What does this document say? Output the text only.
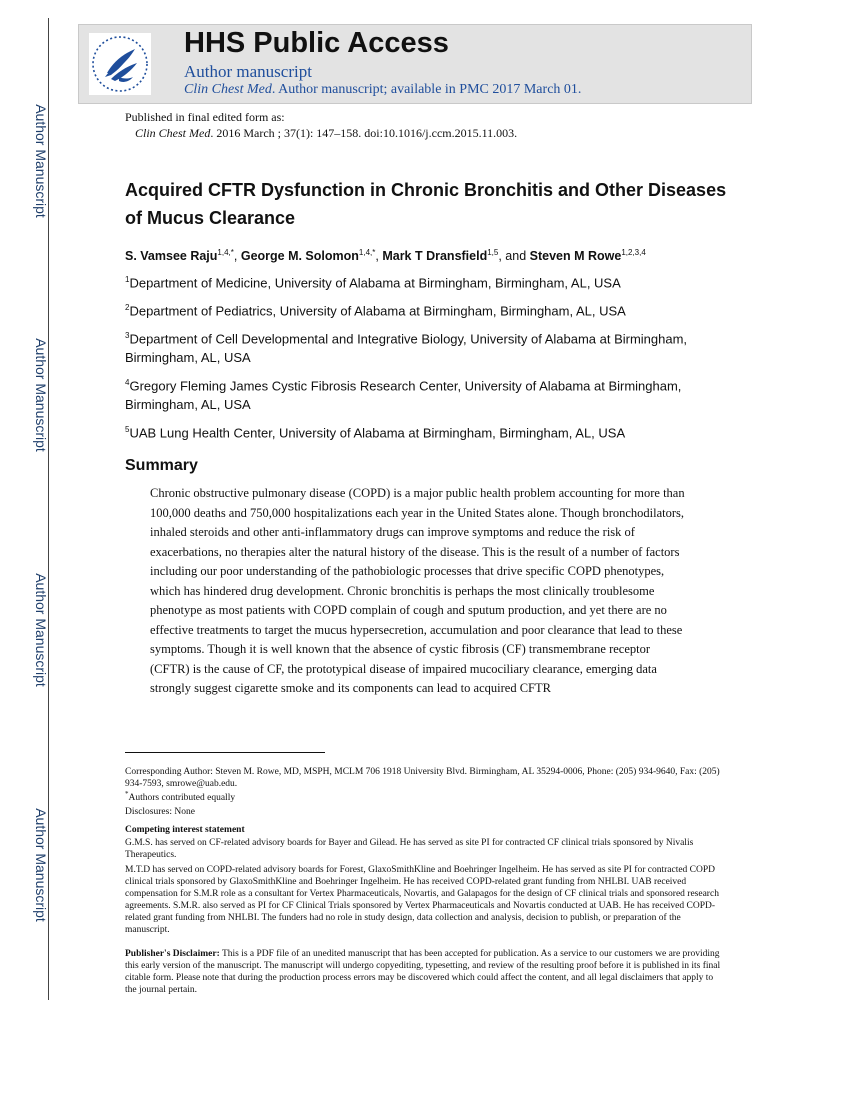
Author Manuscript
Author Manuscript
Author Manuscript
Author Manuscript
HHS Public Access
Author manuscript
Clin Chest Med. Author manuscript; available in PMC 2017 March 01.
Published in final edited form as:
Clin Chest Med. 2016 March ; 37(1): 147–158. doi:10.1016/j.ccm.2015.11.003.
Acquired CFTR Dysfunction in Chronic Bronchitis and Other Diseases of Mucus Clearance
S. Vamsee Raju$^{1,4,*}$, George M. Solomon$^{1,4,*}$, Mark T Dransfield$^{1,5}$, and Steven M Rowe$^{1,2,3,4}$
$^1$Department of Medicine, University of Alabama at Birmingham, Birmingham, AL, USA
$^2$Department of Pediatrics, University of Alabama at Birmingham, Birmingham, AL, USA
$^3$Department of Cell Developmental and Integrative Biology, University of Alabama at Birmingham, Birmingham, AL, USA
$^4$Gregory Fleming James Cystic Fibrosis Research Center, University of Alabama at Birmingham, Birmingham, AL, USA
$^5$UAB Lung Health Center, University of Alabama at Birmingham, Birmingham, AL, USA
Summary
Chronic obstructive pulmonary disease (COPD) is a major public health problem accounting for more than 100,000 deaths and 750,000 hospitalizations each year in the United States alone. Though bronchodilators, inhaled steroids and other anti-inflammatory drugs can improve symptoms and reduce the risk of exacerbations, no therapies alter the natural history of the disease. This is the result of a number of factors including our poor understanding of the pathobiologic processes that drive specific COPD phenotypes, which has hindered drug development. Chronic bronchitis is perhaps the most clinically troublesome phenotype as most patients with COPD complain of cough and sputum production, and yet there are no effective treatments to target the mucus hypersecretion, accumulation and poor clearance that lead to these symptoms. Though it is well known that the absence of cystic fibrosis (CF) transmembrane receptor (CFTR) is the cause of CF, the prototypical disease of impaired mucociliary clearance, emerging data strongly suggest cigarette smoke and its components can lead to acquired CFTR
Corresponding Author: Steven M. Rowe, MD, MSPH, MCLM 706 1918 University Blvd. Birmingham, AL 35294-0006, Phone: (205) 934-9640, Fax: (205) 934-7593, smrowe@uab.edu.
*Authors contributed equally
Disclosures: None
Competing interest statement
G.M.S. has served on CF-related advisory boards for Bayer and Gilead. He has served as site PI for contracted CF clinical trials sponsored by Nivalis Therapeutics.
M.T.D has served on COPD-related advisory boards for Forest, GlaxoSmithKline and Boehringer Ingelheim. He has served as site PI for contracted COPD clinical trials sponsored by GlaxoSmithKline and Boehringer Ingelheim. He has received COPD-related grant funding from NHLBI. UAB received compensation for S.M.R role as a consultant for Vertex Pharmaceuticals, Novartis, and Galapagos for the design of CF clinical trials and sponsored research agreements. S.M.R. also served as PI for CF Clinical Trials sponsored by Vertex Pharmaceuticals and Novartis conducted at UAB. He has received COPD-related grant funding from NHLBI. The funders had no role in study design, data collection and analysis, decision to publish, or preparation of the manuscript.
Publisher's Disclaimer: This is a PDF file of an unedited manuscript that has been accepted for publication. As a service to our customers we are providing this early version of the manuscript. The manuscript will undergo copyediting, typesetting, and review of the resulting proof before it is published in its final citable form. Please note that during the production process errors may be discovered which could affect the content, and all legal disclaimers that apply to the journal pertain.
